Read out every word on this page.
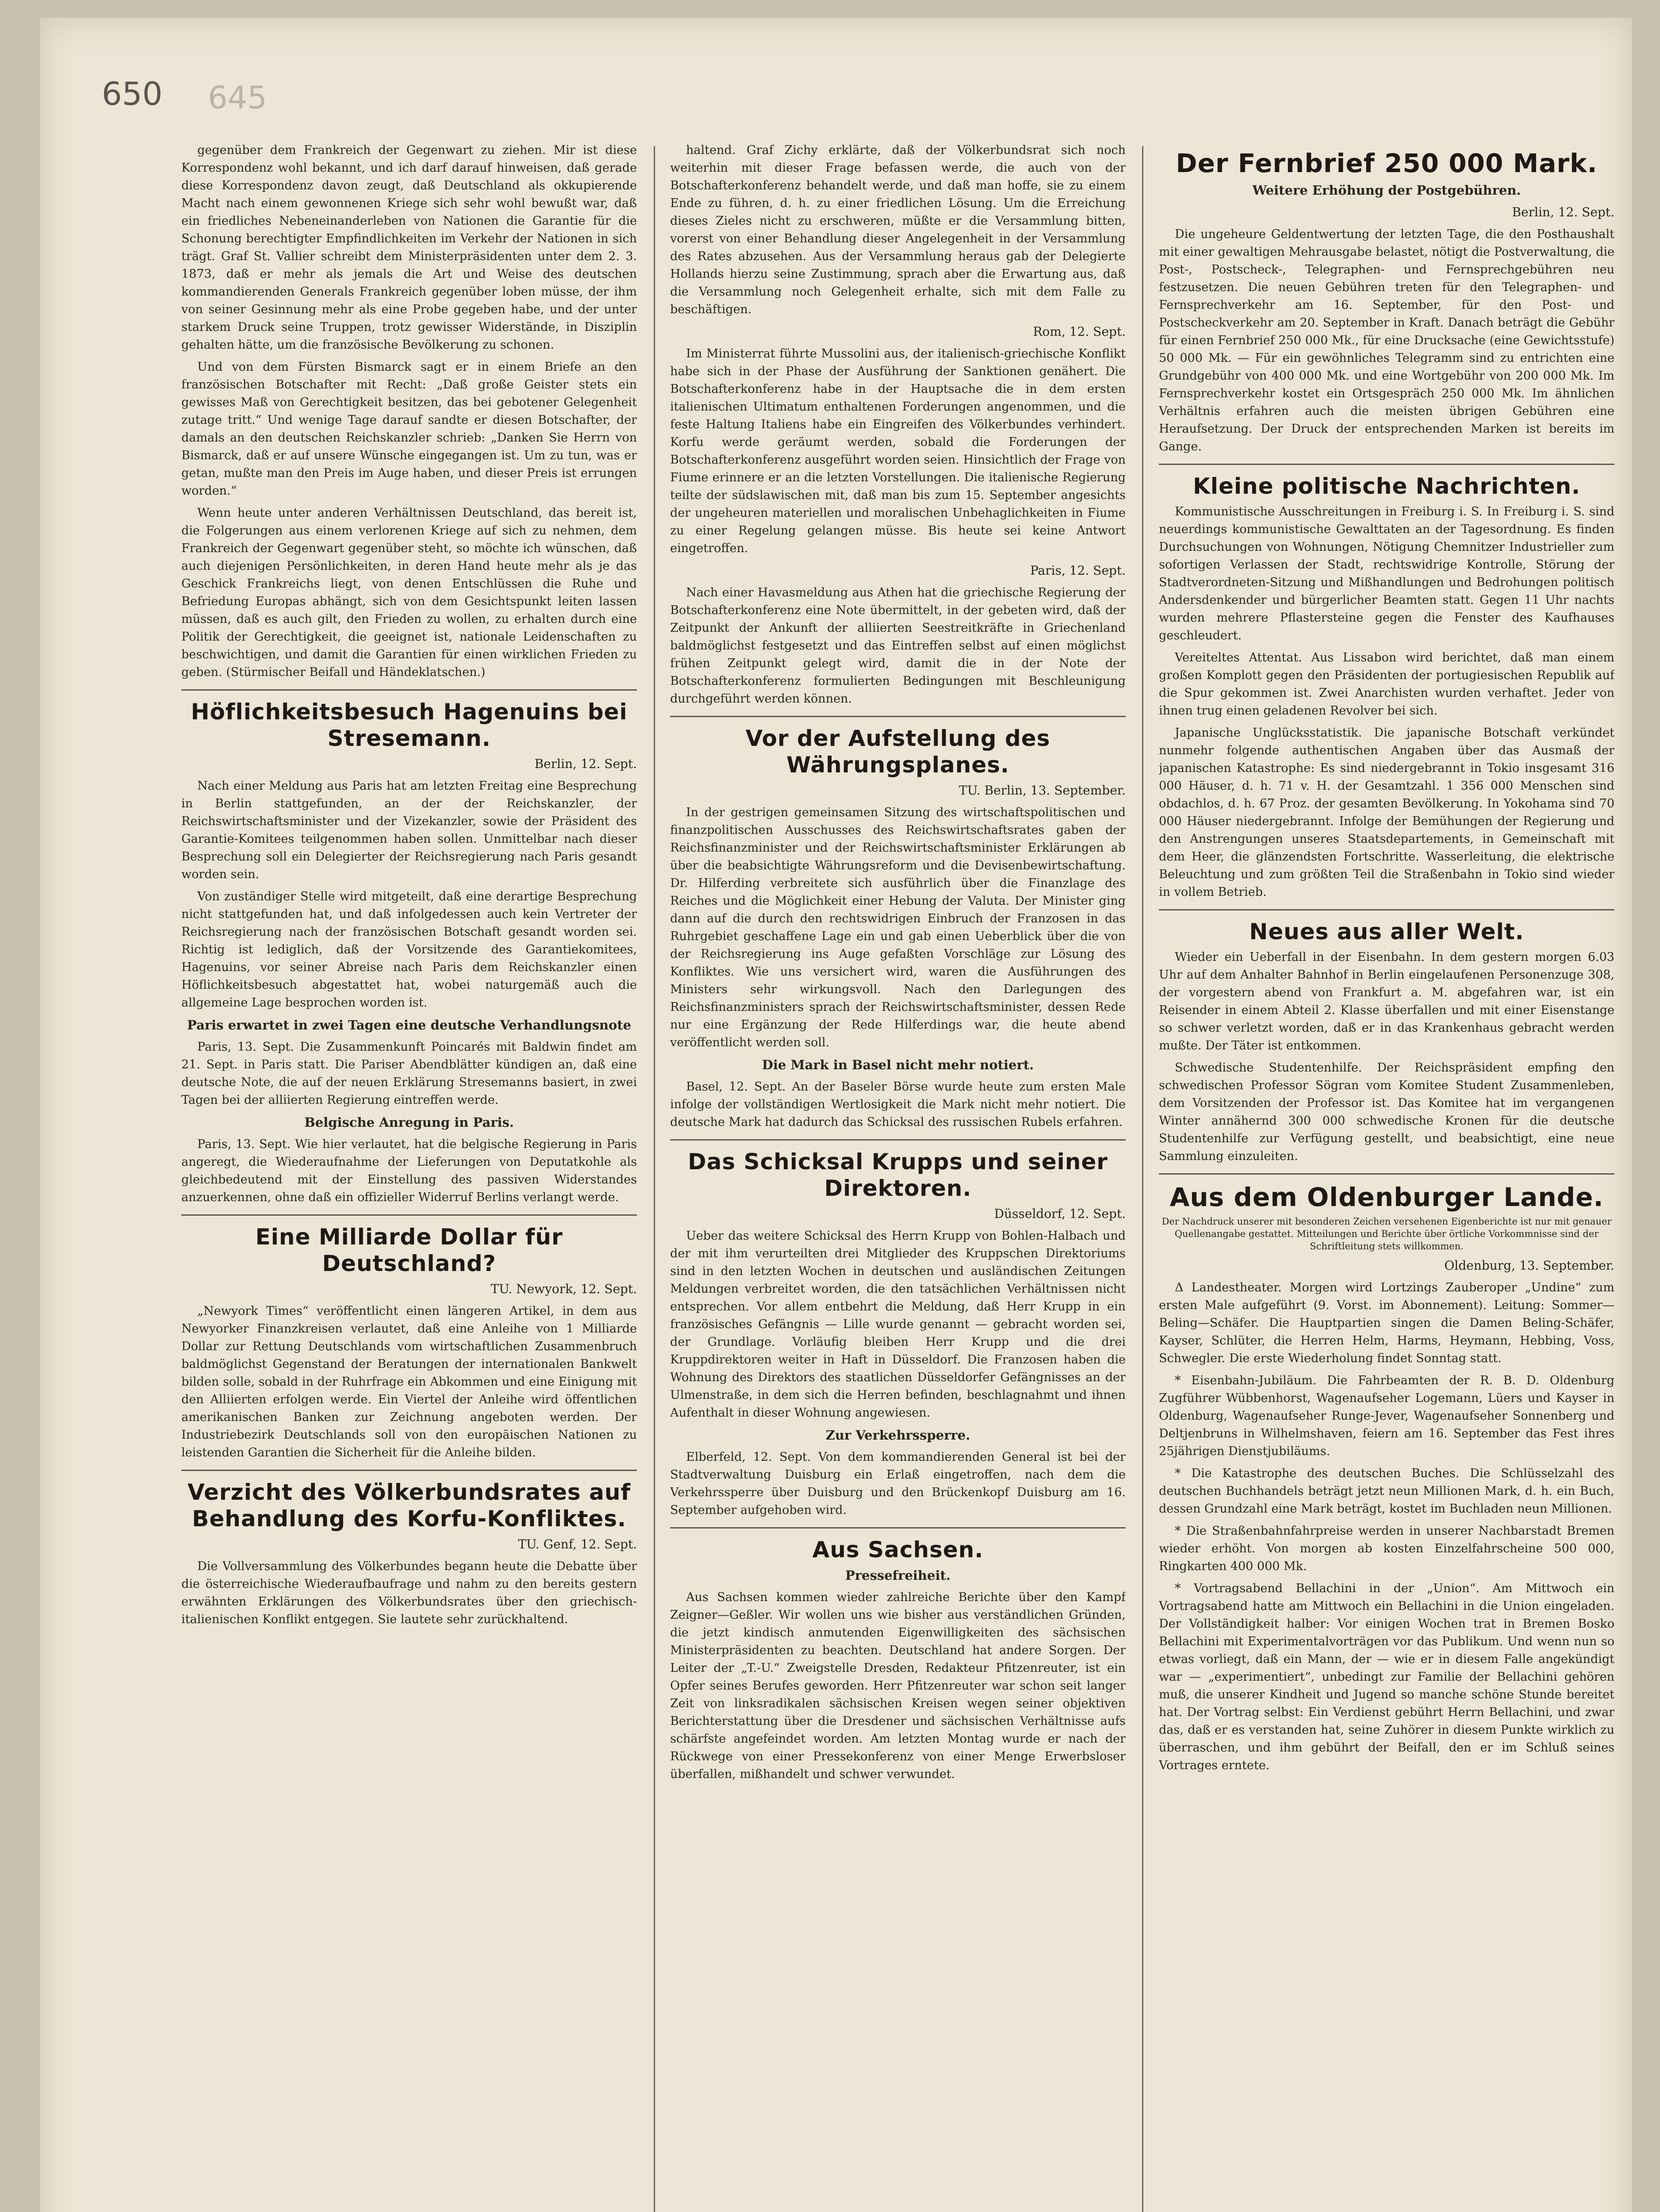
650 645

gegenüber dem Frankreich der Gegenwart zu ziehen. Mir ist diese Korrespondenz wohl bekannt, und ich darf darauf hinweisen, daß gerade diese Korrespondenz davon zeugt, daß Deutschland als okkupierende Macht nach einem gewonnenen Kriege sich sehr wohl bewußt war, daß ein friedliches Nebeneinanderleben von Nationen die Garantie für die Schonung berechtigter Empfindlichkeiten im Verkehr der Nationen in sich trägt. Graf St. Vallier schreibt dem Ministerpräsidenten unter dem 2. 3. 1873, daß er mehr als jemals die Art und Weise des deutschen kommandierenden Generals Frankreich gegenüber loben müsse, der ihm von seiner Gesinnung mehr als eine Probe gegeben habe, und der unter starkem Druck seine Truppen, trotz gewisser Widerstände, in Disziplin gehalten hätte, um die französische Bevölkerung zu schonen.

Und von dem Fürsten Bismarck sagt er in einem Briefe an den französischen Botschafter mit Recht: „Daß große Geister stets ein gewisses Maß von Gerechtigkeit besitzen, das bei gebotener Gelegenheit zutage tritt.“ Und wenige Tage darauf sandte er diesen Botschafter, der damals an den deutschen Reichskanzler schrieb: „Danken Sie Herrn von Bismarck, daß er auf unsere Wünsche eingegangen ist. Um zu tun, was er getan, mußte man den Preis im Auge haben, und dieser Preis ist errungen worden.“

Wenn heute unter anderen Verhältnissen Deutschland, das bereit ist, die Folgerungen aus einem verlorenen Kriege auf sich zu nehmen, dem Frankreich der Gegenwart gegenüber steht, so möchte ich wünschen, daß auch diejenigen Persönlichkeiten, in deren Hand heute mehr als je das Geschick Frankreichs liegt, von denen Entschlüssen die Ruhe und Befriedung Europas abhängt, sich von dem Gesichtspunkt leiten lassen müssen, daß es auch gilt, den Frieden zu wollen, zu erhalten durch eine Politik der Gerechtigkeit, die geeignet ist, nationale Leidenschaften zu beschwichtigen, und damit die Garantien für einen wirklichen Frieden zu geben. (Stürmischer Beifall und Händeklatschen.)

Höflichkeitsbesuch Hagenuins bei Stresemann.

Berlin, 12. Sept.

Nach einer Meldung aus Paris hat am letzten Freitag eine Besprechung in Berlin stattgefunden, an der der Reichskanzler, der Reichswirtschaftsminister und der Vizekanzler, sowie der Präsident des Garantie-Komitees teilgenommen haben sollen. Unmittelbar nach dieser Besprechung soll ein Delegierter der Reichsregierung nach Paris gesandt worden sein.

Von zuständiger Stelle wird mitgeteilt, daß eine derartige Besprechung nicht stattgefunden hat, und daß infolgedessen auch kein Vertreter der Reichsregierung nach der französischen Botschaft gesandt worden sei. Richtig ist lediglich, daß der Vorsitzende des Garantiekomitees, Hagenuins, vor seiner Abreise nach Paris dem Reichskanzler einen Höflichkeitsbesuch abgestattet hat, wobei naturgemäß auch die allgemeine Lage besprochen worden ist.

Paris erwartet in zwei Tagen eine deutsche Verhandlungsnote

Paris, 13. Sept. Die Zusammenkunft Poincarés mit Baldwin findet am 21. Sept. in Paris statt. Die Pariser Abendblätter kündigen an, daß eine deutsche Note, die auf der neuen Erklärung Stresemanns basiert, in zwei Tagen bei der alliierten Regierung eintreffen werde.

Belgische Anregung in Paris.

Paris, 13. Sept. Wie hier verlautet, hat die belgische Regierung in Paris angeregt, die Wiederaufnahme der Lieferungen von Deputatkohle als gleichbedeutend mit der Einstellung des passiven Widerstandes anzuerkennen, ohne daß ein offizieller Widerruf Berlins verlangt werde.

Eine Milliarde Dollar für Deutschland?

TU. Newyork, 12. Sept.

„Newyork Times“ veröffentlicht einen längeren Artikel, in dem aus Newyorker Finanzkreisen verlautet, daß eine Anleihe von 1 Milliarde Dollar zur Rettung Deutschlands vom wirtschaftlichen Zusammenbruch baldmöglichst Gegenstand der Beratungen der internationalen Bankwelt bilden solle, sobald in der Ruhrfrage ein Abkommen und eine Einigung mit den Alliierten erfolgen werde. Ein Viertel der Anleihe wird öffentlichen amerikanischen Banken zur Zeichnung angeboten werden. Der Industriebezirk Deutschlands soll von den europäischen Nationen zu leistenden Garantien die Sicherheit für die Anleihe bilden.

Verzicht des Völkerbundsrates auf Behandlung des Korfu-Konfliktes.

TU. Genf, 12. Sept.

Die Vollversammlung des Völkerbundes begann heute die Debatte über die österreichische Wiederaufbaufrage und nahm zu den bereits gestern erwähnten Erklärungen des Völkerbundsrates über den griechisch-italienischen Konflikt entgegen. Sie lautete sehr zurückhaltend.

haltend. Graf Zichy erklärte, daß der Völkerbundsrat sich noch weiterhin mit dieser Frage befassen werde, die auch von der Botschafterkonferenz behandelt werde, und daß man hoffe, sie zu einem Ende zu führen, d. h. zu einer friedlichen Lösung. Um die Erreichung dieses Zieles nicht zu erschweren, müßte er die Versammlung bitten, vorerst von einer Behandlung dieser Angelegenheit in der Versammlung des Rates abzusehen. Aus der Versammlung heraus gab der Delegierte Hollands hierzu seine Zustimmung, sprach aber die Erwartung aus, daß die Versammlung noch Gelegenheit erhalte, sich mit dem Falle zu beschäftigen.

Rom, 12. Sept.

Im Ministerrat führte Mussolini aus, der italienisch-griechische Konflikt habe sich in der Phase der Ausführung der Sanktionen genähert. Die Botschafterkonferenz habe in der Hauptsache die in dem ersten italienischen Ultimatum enthaltenen Forderungen angenommen, und die feste Haltung Italiens habe ein Eingreifen des Völkerbundes verhindert. Korfu werde geräumt werden, sobald die Forderungen der Botschafterkonferenz ausgeführt worden seien. Hinsichtlich der Frage von Fiume erinnere er an die letzten Vorstellungen. Die italienische Regierung teilte der südslawischen mit, daß man bis zum 15. September angesichts der ungeheuren materiellen und moralischen Unbehaglichkeiten in Fiume zu einer Regelung gelangen müsse. Bis heute sei keine Antwort eingetroffen.

Paris, 12. Sept.

Nach einer Havasmeldung aus Athen hat die griechische Regierung der Botschafterkonferenz eine Note übermittelt, in der gebeten wird, daß der Zeitpunkt der Ankunft der alliierten Seestreitkräfte in Griechenland baldmöglichst festgesetzt und das Eintreffen selbst auf einen möglichst frühen Zeitpunkt gelegt wird, damit die in der Note der Botschafterkonferenz formulierten Bedingungen mit Beschleunigung durchgeführt werden können.

Vor der Aufstellung des Währungsplanes.

TU. Berlin, 13. September.

In der gestrigen gemeinsamen Sitzung des wirtschaftspolitischen und finanzpolitischen Ausschusses des Reichswirtschaftsrates gaben der Reichsfinanzminister und der Reichswirtschaftsminister Erklärungen ab über die beabsichtigte Währungsreform und die Devisenbewirtschaftung. Dr. Hilferding verbreitete sich ausführlich über die Finanzlage des Reiches und die Möglichkeit einer Hebung der Valuta. Der Minister ging dann auf die durch den rechtswidrigen Einbruch der Franzosen in das Ruhrgebiet geschaffene Lage ein und gab einen Ueberblick über die von der Reichsregierung ins Auge gefaßten Vorschläge zur Lösung des Konfliktes. Wie uns versichert wird, waren die Ausführungen des Ministers sehr wirkungsvoll. Nach den Darlegungen des Reichsfinanzministers sprach der Reichswirtschaftsminister, dessen Rede nur eine Ergänzung der Rede Hilferdings war, die heute abend veröffentlicht werden soll.

Die Mark in Basel nicht mehr notiert.

Basel, 12. Sept. An der Baseler Börse wurde heute zum ersten Male infolge der vollständigen Wertlosigkeit die Mark nicht mehr notiert. Die deutsche Mark hat dadurch das Schicksal des russischen Rubels erfahren.

Das Schicksal Krupps und seiner Direktoren.

Düsseldorf, 12. Sept.

Ueber das weitere Schicksal des Herrn Krupp von Bohlen-Halbach und der mit ihm verurteilten drei Mitglieder des Kruppschen Direktoriums sind in den letzten Wochen in deutschen und ausländischen Zeitungen Meldungen verbreitet worden, die den tatsächlichen Verhältnissen nicht entsprechen. Vor allem entbehrt die Meldung, daß Herr Krupp in ein französisches Gefängnis — Lille wurde genannt — gebracht worden sei, der Grundlage. Vorläufig bleiben Herr Krupp und die drei Kruppdirektoren weiter in Haft in Düsseldorf. Die Franzosen haben die Wohnung des Direktors des staatlichen Düsseldorfer Gefängnisses an der Ulmenstraße, in dem sich die Herren befinden, beschlagnahmt und ihnen Aufenthalt in dieser Wohnung angewiesen.

Zur Verkehrssperre.

Elberfeld, 12. Sept. Von dem kommandierenden General ist bei der Stadtverwaltung Duisburg ein Erlaß eingetroffen, nach dem die Verkehrssperre über Duisburg und den Brückenkopf Duisburg am 16. September aufgehoben wird.

Aus Sachsen.

Pressefreiheit.

Aus Sachsen kommen wieder zahlreiche Berichte über den Kampf Zeigner—Geßler. Wir wollen uns wie bisher aus verständlichen Gründen, die jetzt kindisch anmutenden Eigenwilligkeiten des sächsischen Ministerpräsidenten zu beachten. Deutschland hat andere Sorgen. Der Leiter der „T.-U.“ Zweigstelle Dresden, Redakteur Pfitzenreuter, ist ein Opfer seines Berufes geworden. Herr Pfitzenreuter war schon seit langer Zeit von linksradikalen sächsischen Kreisen wegen seiner objektiven Berichterstattung über die Dresdener und sächsischen Verhältnisse aufs schärfste angefeindet worden. Am letzten Montag wurde er nach der Rückwege von einer Pressekonferenz von einer Menge Erwerbsloser überfallen, mißhandelt und schwer verwundet.

Der Fernbrief 250 000 Mark.

Weitere Erhöhung der Postgebühren.

Berlin, 12. Sept.

Die ungeheure Geldentwertung der letzten Tage, die den Posthaushalt mit einer gewaltigen Mehrausgabe belastet, nötigt die Postverwaltung, die Post-, Postscheck-, Telegraphen- und Fernsprechgebühren neu festzusetzen. Die neuen Gebühren treten für den Telegraphen- und Fernsprechverkehr am 16. September, für den Post- und Postscheckverkehr am 20. September in Kraft. Danach beträgt die Gebühr für einen Fernbrief 250 000 Mk., für eine Drucksache (eine Gewichtsstufe) 50 000 Mk. — Für ein gewöhnliches Telegramm sind zu entrichten eine Grundgebühr von 400 000 Mk. und eine Wortgebühr von 200 000 Mk. Im Fernsprechverkehr kostet ein Ortsgespräch 250 000 Mk. Im ähnlichen Verhältnis erfahren auch die meisten übrigen Gebühren eine Heraufsetzung. Der Druck der entsprechenden Marken ist bereits im Gange.

Kleine politische Nachrichten.

Kommunistische Ausschreitungen in Freiburg i. S. In Freiburg i. S. sind neuerdings kommunistische Gewalttaten an der Tagesordnung. Es finden Durchsuchungen von Wohnungen, Nötigung Chemnitzer Industrieller zum sofortigen Verlassen der Stadt, rechtswidrige Kontrolle, Störung der Stadtverordneten-Sitzung und Mißhandlungen und Bedrohungen politisch Andersdenkender und bürgerlicher Beamten statt. Gegen 11 Uhr nachts wurden mehrere Pflastersteine gegen die Fenster des Kaufhauses geschleudert.

Vereiteltes Attentat. Aus Lissabon wird berichtet, daß man einem großen Komplott gegen den Präsidenten der portugiesischen Republik auf die Spur gekommen ist. Zwei Anarchisten wurden verhaftet. Jeder von ihnen trug einen geladenen Revolver bei sich.

Japanische Unglücksstatistik. Die japanische Botschaft verkündet nunmehr folgende authentischen Angaben über das Ausmaß der japanischen Katastrophe: Es sind niedergebrannt in Tokio insgesamt 316 000 Häuser, d. h. 71 v. H. der Gesamtzahl. 1 356 000 Menschen sind obdachlos, d. h. 67 Proz. der gesamten Bevölkerung. In Yokohama sind 70 000 Häuser niedergebrannt. Infolge der Bemühungen der Regierung und den Anstrengungen unseres Staatsdepartements, in Gemeinschaft mit dem Heer, die glänzendsten Fortschritte. Wasserleitung, die elektrische Beleuchtung und zum größten Teil die Straßenbahn in Tokio sind wieder in vollem Betrieb.

Neues aus aller Welt.

Wieder ein Ueberfall in der Eisenbahn. In dem gestern morgen 6.03 Uhr auf dem Anhalter Bahnhof in Berlin eingelaufenen Personenzuge 308, der vorgestern abend von Frankfurt a. M. abgefahren war, ist ein Reisender in einem Abteil 2. Klasse überfallen und mit einer Eisenstange so schwer verletzt worden, daß er in das Krankenhaus gebracht werden mußte. Der Täter ist entkommen.

Schwedische Studentenhilfe. Der Reichspräsident empfing den schwedischen Professor Sögran vom Komitee Student Zusammenleben, dem Vorsitzenden der Professor ist. Das Komitee hat im vergangenen Winter annähernd 300 000 schwedische Kronen für die deutsche Studentenhilfe zur Verfügung gestellt, und beabsichtigt, eine neue Sammlung einzuleiten.

Aus dem Oldenburger Lande.

Der Nachdruck unserer mit besonderen Zeichen versehenen Eigenberichte ist nur mit genauer Quellenangabe gestattet. Mitteilungen und Berichte über örtliche Vorkommnisse sind der Schriftleitung stets willkommen.

Oldenburg, 13. September.

Δ Landestheater. Morgen wird Lortzings Zauberoper „Undine“ zum ersten Male aufgeführt (9. Vorst. im Abonnement). Leitung: Sommer—Beling—Schäfer. Die Hauptpartien singen die Damen Beling-Schäfer, Kayser, Schlüter, die Herren Helm, Harms, Heymann, Hebbing, Voss, Schwegler. Die erste Wiederholung findet Sonntag statt.

* Eisenbahn-Jubiläum. Die Fahrbeamten der R. B. D. Oldenburg Zugführer Wübbenhorst, Wagenaufseher Logemann, Lüers und Kayser in Oldenburg, Wagenaufseher Runge-Jever, Wagenaufseher Sonnenberg und Deltjenbruns in Wilhelmshaven, feiern am 16. September das Fest ihres 25jährigen Dienstjubiläums.

* Die Katastrophe des deutschen Buches. Die Schlüsselzahl des deutschen Buchhandels beträgt jetzt neun Millionen Mark, d. h. ein Buch, dessen Grundzahl eine Mark beträgt, kostet im Buchladen neun Millionen.

* Die Straßenbahnfahrpreise werden in unserer Nachbarstadt Bremen wieder erhöht. Von morgen ab kosten Einzelfahrscheine 500 000, Ringkarten 400 000 Mk.

* Vortragsabend Bellachini in der „Union“. Am Mittwoch ein Vortragsabend hatte am Mittwoch ein Bellachini in die Union eingeladen. Der Vollständigkeit halber: Vor einigen Wochen trat in Bremen Bosko Bellachini mit Experimentalvorträgen vor das Publikum. Und wenn nun so etwas vorliegt, daß ein Mann, der — wie er in diesem Falle angekündigt war — „experimentiert“, unbedingt zur Familie der Bellachini gehören muß, die unserer Kindheit und Jugend so manche schöne Stunde bereitet hat. Der Vortrag selbst: Ein Verdienst gebührt Herrn Bellachini, und zwar das, daß er es verstanden hat, seine Zuhörer in diesem Punkte wirklich zu überraschen, und ihm gebührt der Beifall, den er im Schluß seines Vortrages erntete.
